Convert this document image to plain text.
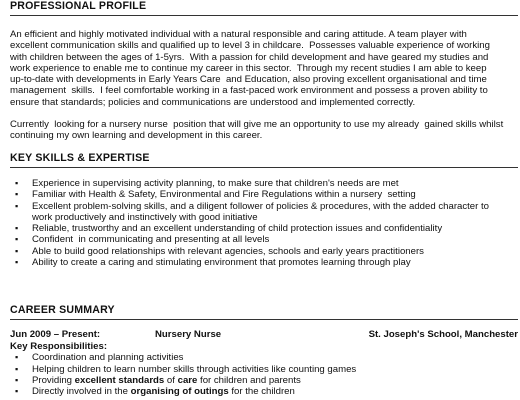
PROFESSIONAL PROFILE
An efficient and highly motivated individual with a natural responsible and caring attitude. A team player with
excellent communication skills and qualified up to level 3 in childcare.  Possesses valuable experience of working
with children between the ages of 1-5yrs.  With a passion for child development and have geared my studies and
work experience to enable me to continue my career in this sector.  Through my recent studies I am able to keep
up-to-date with developments in Early Years Care  and Education, also proving excellent organisational and time
management  skills.  I feel comfortable working in a fast-paced work environment and possess a proven ability to
ensure that standards; policies and communications are understood and implemented correctly.
Currently  looking for a nursery nurse  position that will give me an opportunity to use my already  gained skills whilst
continuing my own learning and development in this career.
KEY SKILLS & EXPERTISE
▪ Experience in supervising activity planning, to make sure that children's needs are met
▪ Familiar with Health & Safety, Environmental and Fire Regulations within a nursery  setting
▪ Excellent problem-solving skills, and a diligent follower of policies & procedures, with the added character to
work productively and instinctively with good initiative
▪ Reliable, trustworthy and an excellent understanding of child protection issues and confidentiality
▪ Confident  in communicating and presenting at all levels
▪ Able to build good relationships with relevant agencies, schools and early years practitioners
▪ Ability to create a caring and stimulating environment that promotes learning through play
CAREER SUMMARY
Jun 2009 – Present:	Nursery Nurse	St. Joseph's School, Manchester
Key Responsibilities:
▪ Coordination and planning activities
▪ Helping children to learn number skills through activities like counting games
▪ Providing excellent standards of care for children and parents
▪ Directly involved in the organising of outings for the children
